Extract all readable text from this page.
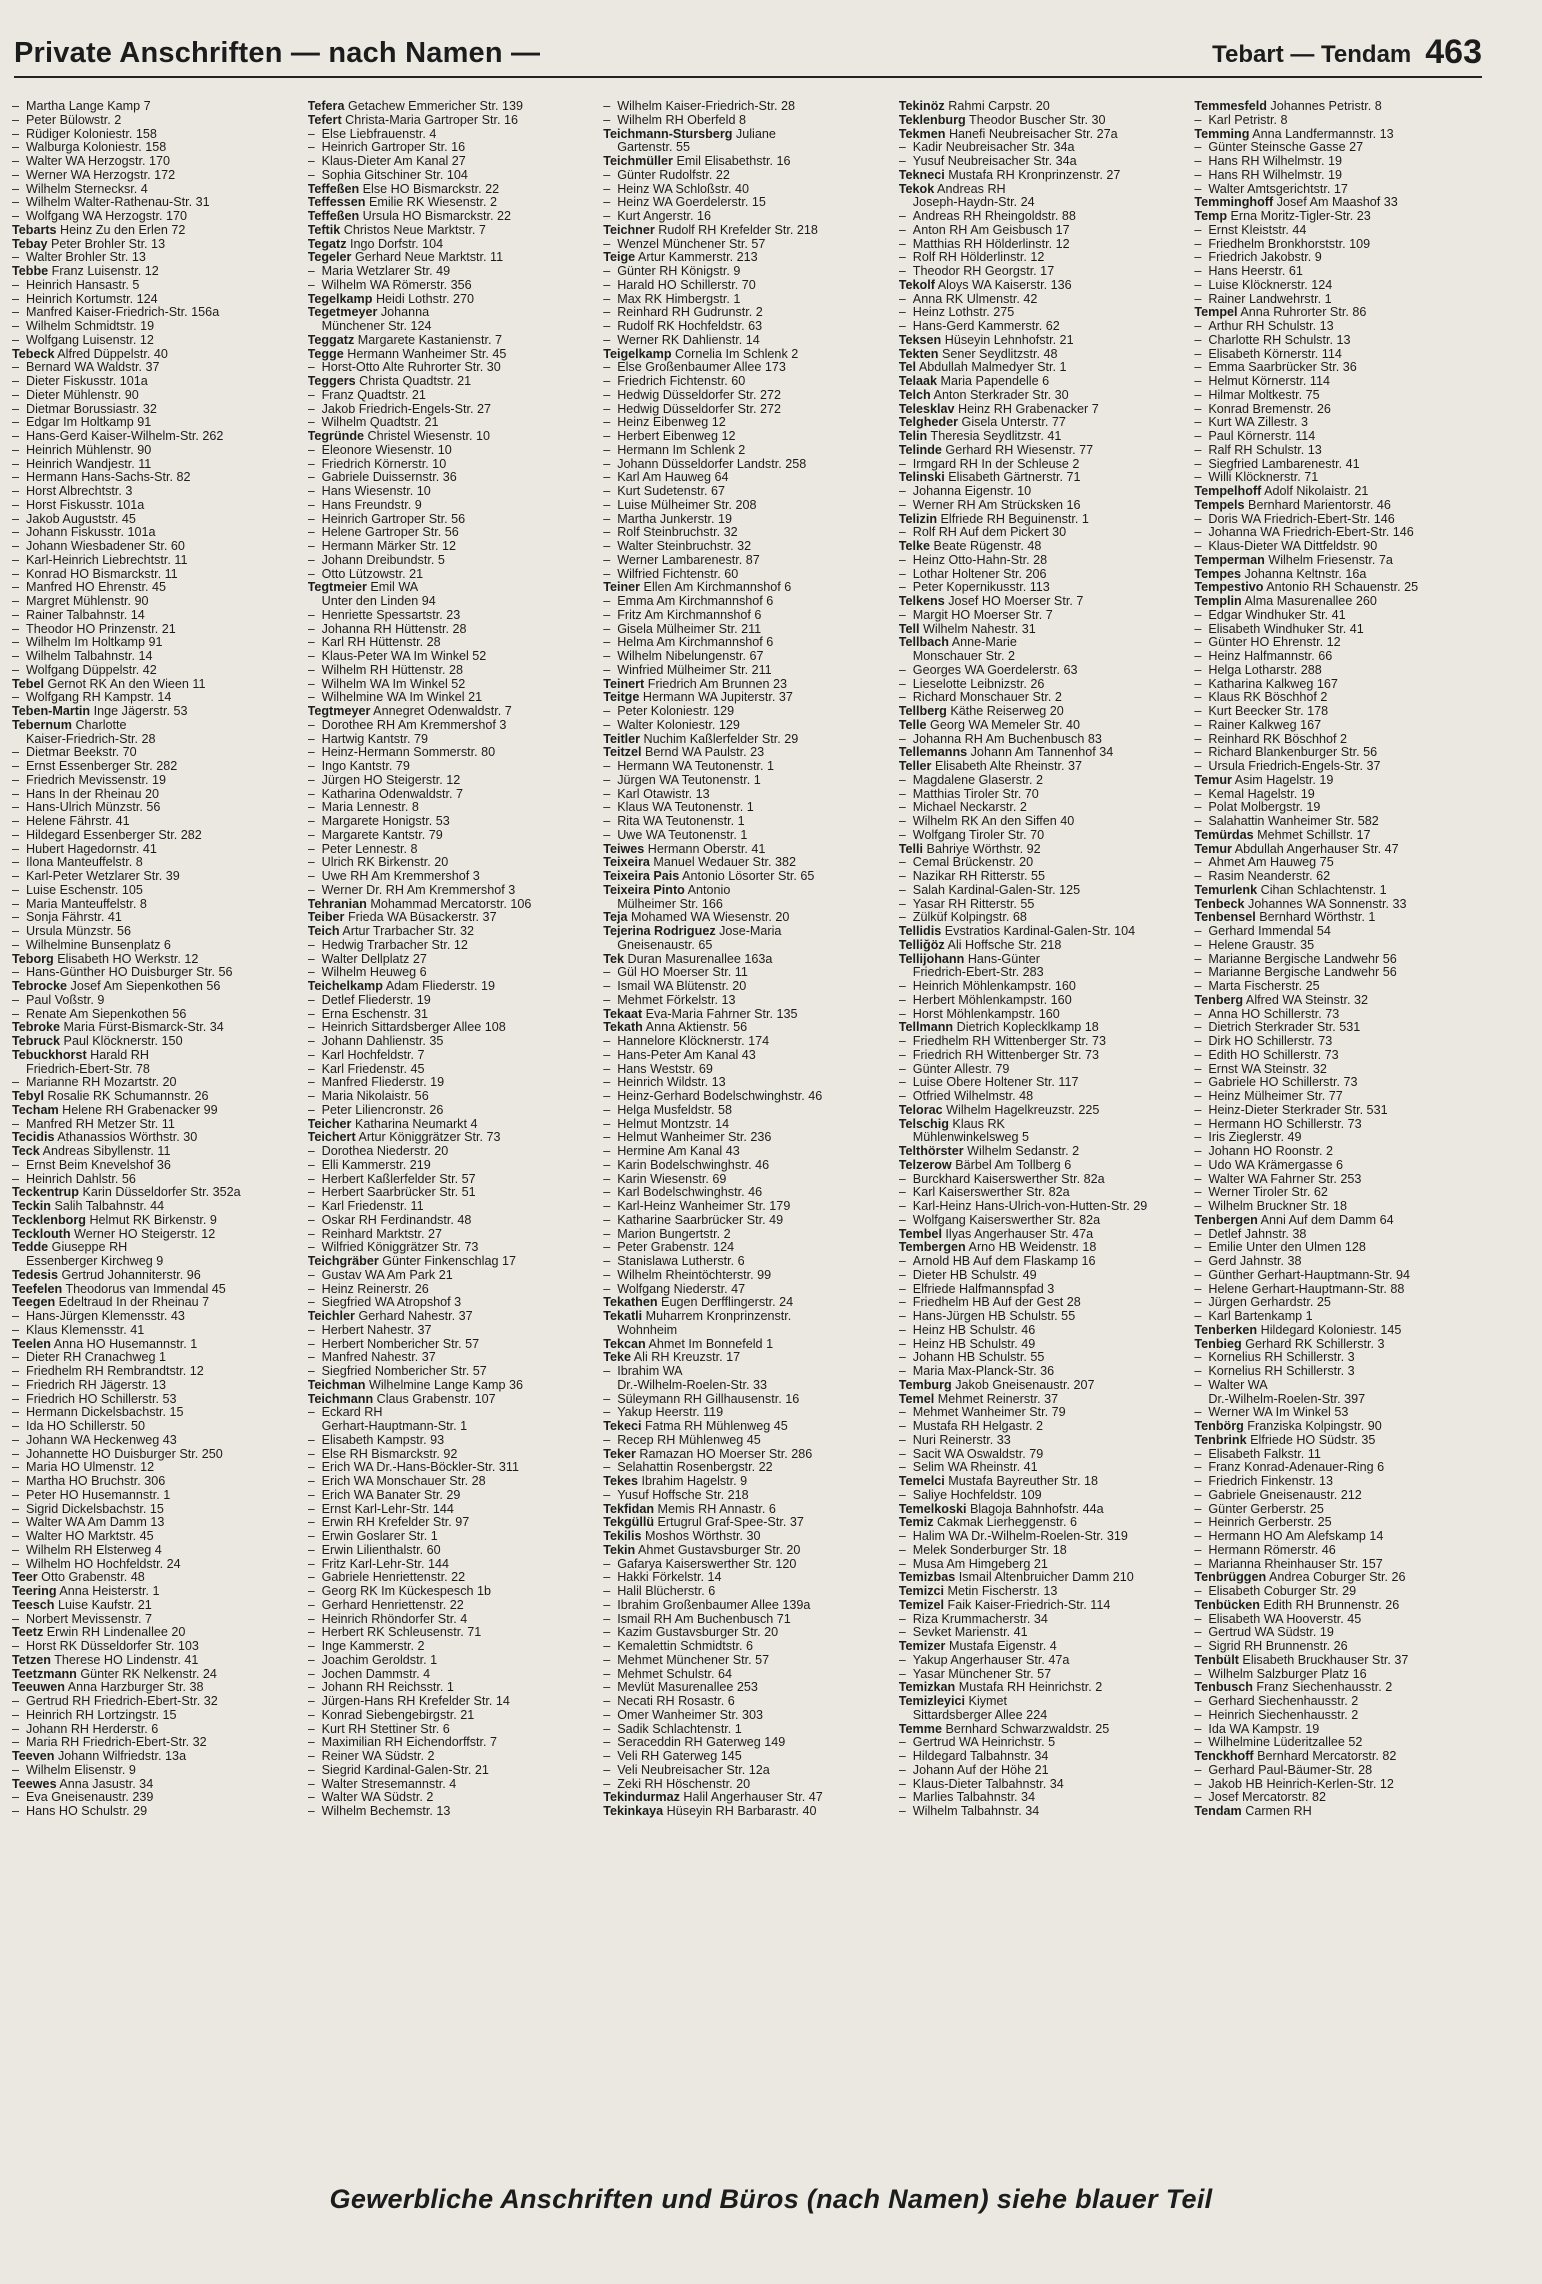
Private Anschriften — nach Namen —	Tebart — Tendam 463
–  Martha Lange Kamp 7
–  Peter Bülowstr. 2
–  Rüdiger Koloniestr. 158
–  Walburga Koloniestr. 158
–  Walter WA Herzogstr. 170
–  Werner WA Herzogstr. 172
–  Wilhelm Sternecksr. 4
–  Wilhelm Walter-Rathenau-Str. 31
–  Wolfgang WA Herzogstr. 170
Tebarts Heinz Zu den Erlen 72
Tebay Peter Brohler Str. 13
–  Walter Brohler Str. 13
Tebbe Franz Luisenstr. 12
–  Heinrich Hansastr. 5
–  Heinrich Kortumstr. 124
–  Manfred Kaiser-Friedrich-Str. 156a
–  Wilhelm Schmidtstr. 19
–  Wolfgang Luisenstr. 12
Tebeck Alfred Düppelstr. 40
–  Bernard WA Waldstr. 37
–  Dieter Fiskusstr. 101a
–  Dieter Mühlenstr. 90
–  Dietmar Borussiastr. 32
–  Edgar Im Holtkamp 91
–  Hans-Gerd Kaiser-Wilhelm-Str. 262
–  Heinrich Mühlenstr. 90
–  Heinrich Wandjestr. 11
–  Hermann Hans-Sachs-Str. 82
–  Horst Albrechtstr. 3
–  Horst Fiskusstr. 101a
–  Jakob Auguststr. 45
–  Johann Fiskusstr. 101a
–  Johann Wiesbadener Str. 60
–  Karl-Heinrich Liebrechtstr. 11
–  Konrad HO Bismarckstr. 11
–  Manfred HO Ehrenstr. 45
–  Margret Mühlenstr. 90
–  Rainer Talbahnstr. 14
–  Theodor HO Prinzenstr. 21
–  Wilhelm Im Holtkamp 91
–  Wilhelm Talbahnstr. 14
–  Wolfgang Düppelstr. 42
Tebel Gernot RK An den Wieen 11
–  Wolfgang RH Kampstr. 14
Teben-Martin Inge Jägerstr. 53
Tebernum Charlotte
Kaiser-Friedrich-Str. 28
–  Dietmar Beekstr. 70
–  Ernst Essenberger Str. 282
–  Friedrich Mevissenstr. 19
–  Hans In der Rheinau 20
–  Hans-Ulrich Münzstr. 56
–  Helene Fährstr. 41
–  Hildegard Essenberger Str. 282
–  Hubert Hagedornstr. 41
–  Ilona Manteuffelstr. 8
–  Karl-Peter Wetzlarer Str. 39
–  Luise Eschenstr. 105
–  Maria Manteuffelstr. 8
–  Sonja Fährstr. 41
–  Ursula Münzstr. 56
–  Wilhelmine Bunsenplatz 6
Teborg Elisabeth HO Werkstr. 12
–  Hans-Günther HO Duisburger Str. 56
Tebrocke Josef Am Siepenkothen 56
–  Paul Voßstr. 9
–  Renate Am Siepenkothen 56
Tebroke Maria Fürst-Bismarck-Str. 34
Tebruck Paul Klöcknerstr. 150
Tebuckhorst Harald RH
Friedrich-Ebert-Str. 78
–  Marianne RH Mozartstr. 20
Tebyl Rosalie RK Schumannstr. 26
Techam Helene RH Grabenacker 99
–  Manfred RH Metzer Str. 11
Tecidis Athanassios Wörthstr. 30
Teck Andreas Sibyllenstr. 11
–  Ernst Beim Knevelshof 36
–  Heinrich Dahlstr. 56
Teckentrup Karin Düsseldorfer Str. 352a
Teckin Salih Talbahnstr. 44
Tecklenborg Helmut RK Birkenstr. 9
Tecklouth Werner HO Steigerstr. 12
Tedde Giuseppe RH
Essenberger Kirchweg 9
Tedesis Gertrud Johanniterstr. 96
Teefelen Theodorus van Immendal 45
Teegen Edeltraud In der Rheinau 7
–  Hans-Jürgen Klemensstr. 43
–  Klaus Klemensstr. 41
Teelen Anna HO Husemannstr. 1
–  Dieter RH Cranachweg 1
–  Friedhelm RH Rembrandtstr. 12
–  Friedrich RH Jägerstr. 13
–  Friedrich HO Schillerstr. 53
–  Hermann Dickelsbachstr. 15
–  Ida HO Schillerstr. 50
–  Johann WA Heckenweg 43
–  Johannette HO Duisburger Str. 250
–  Maria HO Ulmenstr. 12
–  Martha HO Bruchstr. 306
–  Peter HO Husemannstr. 1
–  Sigrid Dickelsbachstr. 15
–  Walter WA Am Damm 13
–  Walter HO Marktstr. 45
–  Wilhelm RH Elsterweg 4
–  Wilhelm HO Hochfeldstr. 24
Teer Otto Grabenstr. 48
Teering Anna Heisterstr. 1
Teesch Luise Kaufstr. 21
–  Norbert Mevissenstr. 7
Teetz Erwin RH Lindenallee 20
–  Horst RK Düsseldorfer Str. 103
Tetzen Therese HO Lindenstr. 41
Teetzmann Günter RK Nelkenstr. 24
Teeuwen Anna Harzburger Str. 38
–  Gertrud RH Friedrich-Ebert-Str. 32
–  Heinrich RH Lortzingstr. 15
–  Johann RH Herderstr. 6
–  Maria RH Friedrich-Ebert-Str. 32
Teeven Johann Wilfriedstr. 13a
–  Wilhelm Elisenstr. 9
Teewes Anna Jasustr. 34
–  Eva Gneisenaustr. 239
–  Hans HO Schulstr. 29
Tefera Getachew Emmericher Str. 139
Tefert Christa-Maria Gartroper Str. 16
–  Else Liebfrauenstr. 4
–  Heinrich Gartroper Str. 16
–  Klaus-Dieter Am Kanal 27
–  Sophia Gitschiner Str. 104
Teffeßen Else HO Bismarckstr. 22
Teffessen Emilie RK Wiesenstr. 2
Teffeßen Ursula HO Bismarckstr. 22
Teftik Christos Neue Marktstr. 7
Tegatz Ingo Dorfstr. 104
Tegeler Gerhard Neue Marktstr. 11
–  Maria Wetzlarer Str. 49
–  Wilhelm WA Römerstr. 356
Tegelkamp Heidi Lothstr. 270
Tegetmeyer Johanna
Münchener Str. 124
Teggatz Margarete Kastanienstr. 7
Tegge Hermann Wanheimer Str. 45
–  Horst-Otto Alte Ruhrorter Str. 30
Teggers Christa Quadtstr. 21
–  Franz Quadtstr. 21
–  Jakob Friedrich-Engels-Str. 27
–  Wilhelm Quadtstr. 21
Tegründe Christel Wiesenstr. 10
–  Eleonore Wiesenstr. 10
–  Friedrich Körnerstr. 10
–  Gabriele Duissernstr. 36
–  Hans Wiesenstr. 10
–  Hans Freundstr. 9
–  Heinrich Gartroper Str. 56
–  Helene Gartroper Str. 56
–  Hermann Märker Str. 12
–  Johann Dreibundstr. 5
–  Otto Lützowstr. 21
Tegtmeier Emil WA
Unter den Linden 94
–  Henriette Spessartstr. 23
–  Johanna RH Hüttenstr. 28
–  Karl RH Hüttenstr. 28
–  Klaus-Peter WA Im Winkel 52
–  Wilhelm RH Hüttenstr. 28
–  Wilhelm WA Im Winkel 52
–  Wilhelmine WA Im Winkel 21
Tegtmeyer Annegret Odenwaldstr. 7
–  Dorothee RH Am Kremmershof 3
–  Hartwig Kantstr. 79
–  Heinz-Hermann Sommerstr. 80
–  Ingo Kantstr. 79
–  Jürgen HO Steigerstr. 12
–  Katharina Odenwaldstr. 7
–  Maria Lennestr. 8
–  Margarete Honigstr. 53
–  Margarete Kantstr. 79
–  Peter Lennestr. 8
–  Ulrich RK Birkenstr. 20
–  Uwe RH Am Kremmershof 3
–  Werner Dr. RH Am Kremmershof 3
Tehranian Mohammad Mercatorstr. 106
Teiber Frieda WA Büsackerstr. 37
Teich Artur Trarbacher Str. 32
–  Hedwig Trarbacher Str. 12
–  Walter Dellplatz 27
–  Wilhelm Heuweg 6
Teichelkamp Adam Fliederstr. 19
–  Detlef Fliederstr. 19
–  Erna Eschenstr. 31
–  Heinrich Sittardsberger Allee 108
–  Johann Dahlienstr. 35
–  Karl Hochfeldstr. 7
–  Karl Friedenstr. 45
–  Manfred Fliederstr. 19
–  Maria Nikolaistr. 56
–  Peter Liliencronstr. 26
Teicher Katharina Neumarkt 4
Teichert Artur Königgrätzer Str. 73
–  Dorothea Niederstr. 20
–  Elli Kammerstr. 219
–  Herbert Kaßlerfelder Str. 57
–  Herbert Saarbrücker Str. 51
–  Karl Friedenstr. 11
–  Oskar RH Ferdinandstr. 48
–  Reinhard Marktstr. 27
–  Wilfried Königgrätzer Str. 73
Teichgräber Günter Finkenschlag 17
–  Gustav WA Am Park 21
–  Heinz Reinerstr. 26
–  Siegfried WA Atropshof 3
Teichler Gerhard Nahestr. 37
–  Herbert Nahestr. 37
–  Herbert Nombericher Str. 57
–  Manfred Nahestr. 37
–  Siegfried Nombericher Str. 57
Teichman Wilhelmine Lange Kamp 36
Teichmann Claus Grabenstr. 107
–  Eckard RH
Gerhart-Hauptmann-Str. 1
–  Elisabeth Kampstr. 93
–  Else RH Bismarckstr. 92
–  Erich WA Dr.-Hans-Böckler-Str. 311
–  Erich WA Monschauer Str. 28
–  Erich WA Banater Str. 29
–  Ernst Karl-Lehr-Str. 144
–  Erwin RH Krefelder Str. 97
–  Erwin Goslarer Str. 1
–  Erwin Lilienthalstr. 60
–  Fritz Karl-Lehr-Str. 144
–  Gabriele Henriettenstr. 22
–  Georg RK Im Kückespesch 1b
–  Gerhard Henriettenstr. 22
–  Heinrich Rhöndorfer Str. 4
–  Herbert RK Schleusenstr. 71
–  Inge Kammerstr. 2
–  Joachim Geroldstr. 1
–  Jochen Dammstr. 4
–  Johann RH Reichsstr. 1
–  Jürgen-Hans RH Krefelder Str. 14
–  Konrad Siebengebirgstr. 21
–  Kurt RH Stettiner Str. 6
–  Maximilian RH Eichendorffstr. 7
–  Reiner WA Südstr. 2
–  Siegrid Kardinal-Galen-Str. 21
–  Walter Stresemannstr. 4
–  Walter WA Südstr. 2
–  Wilhelm Bechemstr. 13
–  Wilhelm Kaiser-Friedrich-Str. 28
–  Wilhelm RH Oberfeld 8
Teichmann-Stursberg Juliane
Gartenstr. 55
Teichmüller Emil Elisabethstr. 16
–  Günter Rudolfstr. 22
–  Heinz WA Schloßstr. 40
–  Heinz WA Goerdelerstr. 15
–  Kurt Angerstr. 16
Teichner Rudolf RH Krefelder Str. 218
–  Wenzel Münchener Str. 57
Teige Artur Kammerstr. 213
–  Günter RH Königstr. 9
–  Harald HO Schillerstr. 70
–  Max RK Himbergstr. 1
–  Reinhard RH Gudrunstr. 2
–  Rudolf RK Hochfeldstr. 63
–  Werner RK Dahlienstr. 14
Teigelkamp Cornelia Im Schlenk 2
–  Else Großenbaumer Allee 173
–  Friedrich Fichtenstr. 60
–  Hedwig Düsseldorfer Str. 272
–  Hedwig Düsseldorfer Str. 272
–  Heinz Eibenweg 12
–  Herbert Eibenweg 12
–  Hermann Im Schlenk 2
–  Johann Düsseldorfer Landstr. 258
–  Karl Am Hauweg 64
–  Kurt Sudetenstr. 67
–  Luise Mülheimer Str. 208
–  Martha Junkerstr. 19
–  Rolf Steinbruchstr. 32
–  Walter Steinbruchstr. 32
–  Werner Lambarenestr. 87
–  Wilfried Fichtenstr. 60
Teiner Ellen Am Kirchmannshof 6
–  Emma Am Kirchmannshof 6
–  Fritz Am Kirchmannshof 6
–  Gisela Mülheimer Str. 211
–  Helma Am Kirchmannshof 6
–  Wilhelm Nibelungenstr. 67
–  Winfried Mülheimer Str. 211
Teinert Friedrich Am Brunnen 23
Teitge Hermann WA Jupiterstr. 37
–  Peter Koloniestr. 129
–  Walter Koloniestr. 129
Teitler Nuchim Kaßlerfelder Str. 29
Teitzel Bernd WA Paulstr. 23
–  Hermann WA Teutonenstr. 1
–  Jürgen WA Teutonenstr. 1
–  Karl Otawistr. 13
–  Klaus WA Teutonenstr. 1
–  Rita WA Teutonenstr. 1
–  Uwe WA Teutonenstr. 1
Teiwes Hermann Oberstr. 41
Teixeira Manuel Wedauer Str. 382
Teixeira Pais Antonio Lösorter Str. 65
Teixeira Pinto Antonio
Mülheimer Str. 166
Teja Mohamed WA Wiesenstr. 20
Tejerina Rodriguez Jose-Maria
Gneisenaustr. 65
Tek Duran Masurenallee 163a
–  Gül HO Moerser Str. 11
–  Ismail WA Blütenstr. 20
–  Mehmet Förkelstr. 13
Tekaat Eva-Maria Fahrner Str. 135
Tekath Anna Aktienstr. 56
–  Hannelore Klöcknerstr. 174
–  Hans-Peter Am Kanal 43
–  Hans Weststr. 69
–  Heinrich Wildstr. 13
–  Heinz-Gerhard Bodelschwinghstr. 46
–  Helga Musfeldstr. 58
–  Helmut Montzstr. 14
–  Helmut Wanheimer Str. 236
–  Hermine Am Kanal 43
–  Karin Bodelschwinghstr. 46
–  Karin Wiesenstr. 69
–  Karl Bodelschwinghstr. 46
–  Karl-Heinz Wanheimer Str. 179
–  Katharine Saarbrücker Str. 49
–  Marion Bungertstr. 2
–  Peter Grabenstr. 124
–  Stanislawa Lutherstr. 6
–  Wilhelm Rheintöchterstr. 99
–  Wolfgang Niederstr. 47
Tekathen Eugen Derfflingerstr. 24
Tekatli Muharrem Kronprinzenstr.
Wohnheim
Tekcan Ahmet Im Bonnefeld 1
Teke Ali RH Kreuzstr. 17
–  Ibrahim WA
Dr.-Wilhelm-Roelen-Str. 33
–  Süleymann RH Gillhausenstr. 16
–  Yakup Heerstr. 119
Tekeci Fatma RH Mühlenweg 45
–  Recep RH Mühlenweg 45
Teker Ramazan HO Moerser Str. 286
–  Selahattin Rosenbergstr. 22
Tekes Ibrahim Hagelstr. 9
–  Yusuf Hoffsche Str. 218
Tekfidan Memis RH Annastr. 6
Tekgüllü Ertugrul Graf-Spee-Str. 37
Tekilis Moshos Wörthstr. 30
Tekin Ahmet Gustavsburger Str. 20
–  Gafarya Kaiserswerther Str. 120
–  Hakki Förkelstr. 14
–  Halil Blücherstr. 6
–  Ibrahim Großenbaumer Allee 139a
–  Ismail RH Am Buchenbusch 71
–  Kazim Gustavsburger Str. 20
–  Kemalettin Schmidtstr. 6
–  Mehmet Münchener Str. 57
–  Mehmet Schulstr. 64
–  Mevlüt Masurenallee 253
–  Necati RH Rosastr. 6
–  Ömer Wanheimer Str. 303
–  Sadik Schlachtenstr. 1
–  Seraceddin RH Gaterweg 149
–  Veli RH Gaterweg 145
–  Veli Neubreisacher Str. 12a
–  Zeki RH Höschenstr. 20
Tekindurmaz Halil Angerhauser Str. 47
Tekinkaya Hüseyin RH Barbarastr. 40
Tekinöz Rahmi Carpstr. 20
Teklenburg Theodor Buscher Str. 30
Tekmen Hanefi Neubreisacher Str. 27a
–  Kadir Neubreisacher Str. 34a
–  Yusuf Neubreisacher Str. 34a
Tekneci Mustafa RH Kronprinzenstr. 27
Tekok Andreas RH
Joseph-Haydn-Str. 24
–  Andreas RH Rheingoldstr. 88
–  Anton RH Am Geisbusch 17
–  Matthias RH Hölderlinstr. 12
–  Rolf RH Hölderlinstr. 12
–  Theodor RH Georgstr. 17
Tekolf Aloys WA Kaiserstr. 136
–  Anna RK Ulmenstr. 42
–  Heinz Lothstr. 275
–  Hans-Gerd Kammerstr. 62
Teksen Hüseyin Lehnhofstr. 21
Tekten Sener Seydlitzstr. 48
Tel Abdullah Malmedyer Str. 1
Telaak Maria Papendelle 6
Telch Anton Sterkrader Str. 30
Telesklav Heinz RH Grabenacker 7
Telgheder Gisela Unterstr. 77
Telin Theresia Seydlitzstr. 41
Telinde Gerhard RH Wiesenstr. 77
–  Irmgard RH In der Schleuse 2
Telinski Elisabeth Gärtnerstr. 71
–  Johanna Eigenstr. 10
–  Werner RH Am Strücksken 16
Telizin Elfriede RH Beguinenstr. 1
–  Rolf RH Auf dem Pickert 30
Telke Beate Rügenstr. 48
–  Heinz Otto-Hahn-Str. 28
–  Lothar Holtener Str. 206
–  Peter Kopernikusstr. 113
Telkens Josef HO Moerser Str. 7
–  Margit HO Moerser Str. 7
Tell Wilhelm Nahestr. 31
Tellbach Anne-Marie
Monschauer Str. 2
–  Georges WA Goerdelerstr. 63
–  Lieselotte Leibnizstr. 26
–  Richard Monschauer Str. 2
Tellberg Käthe Reiserweg 20
Telle Georg WA Memeler Str. 40
–  Johanna RH Am Buchenbusch 83
Tellemanns Johann Am Tannenhof 34
Teller Elisabeth Alte Rheinstr. 37
–  Magdalene Glaserstr. 2
–  Matthias Tiroler Str. 70
–  Michael Neckarstr. 2
–  Wilhelm RK An den Siffen 40
–  Wolfgang Tiroler Str. 70
Telli Bahriye Wörthstr. 92
–  Cemal Brückenstr. 20
–  Nazikar RH Ritterstr. 55
–  Salah Kardinal-Galen-Str. 125
–  Yasar RH Ritterstr. 55
–  Zülküf Kolpingstr. 68
Tellidis Evstratios Kardinal-Galen-Str. 104
Telliğöz Ali Hoffsche Str. 218
Tellijohann Hans-Günter
Friedrich-Ebert-Str. 283
–  Heinrich Möhlenkampstr. 160
–  Herbert Möhlenkampstr. 160
–  Horst Möhlenkampstr. 160
Tellmann Dietrich Koplecklkamp 18
–  Friedhelm RH Wittenberger Str. 73
–  Friedrich RH Wittenberger Str. 73
–  Günter Allestr. 79
–  Luise Obere Holtener Str. 117
–  Otfried Wilhelmstr. 48
Telorac Wilhelm Hagelkreuzstr. 225
Telschig Klaus RK
Mühlenwinkelsweg 5
Telthörster Wilhelm Sedanstr. 2
Telzerow Bärbel Am Tollberg 6
–  Burckhard Kaiserswerther Str. 82a
–  Karl Kaiserswerther Str. 82a
–  Karl-Heinz Hans-Ulrich-von-Hutten-Str. 29
–  Wolfgang Kaiserswerther Str. 82a
Tembel Ilyas Angerhauser Str. 47a
Tembergen Arno HB Weidenstr. 18
–  Arnold HB Auf dem Flaskamp 16
–  Dieter HB Schulstr. 49
–  Elfriede Halfmannspfad 3
–  Friedhelm HB Auf der Gest 28
–  Hans-Jürgen HB Schulstr. 55
–  Heinz HB Schulstr. 46
–  Heinz HB Schulstr. 49
–  Johann HB Schulstr. 55
–  Maria Max-Planck-Str. 36
Temburg Jakob Gneisenaustr. 207
Temel Mehmet Reinerstr. 37
–  Mehmet Wanheimer Str. 79
–  Mustafa RH Helgastr. 2
–  Nuri Reinerstr. 33
–  Sacit WA Oswaldstr. 79
–  Selim WA Rheinstr. 41
Temelci Mustafa Bayreuther Str. 18
–  Saliye Hochfeldstr. 109
Temelkoski Blagoja Bahnhofstr. 44a
Temiz Cakmak Lierheggenstr. 6
–  Halim WA Dr.-Wilhelm-Roelen-Str. 319
–  Melek Sonderburger Str. 18
–  Musa Am Himgeberg 21
Temizbas Ismail Altenbruicher Damm 210
Temizci Metin Fischerstr. 13
Temizel Faik Kaiser-Friedrich-Str. 114
–  Riza Krummacherstr. 34
–  Sevket Marienstr. 41
Temizer Mustafa Eigenstr. 4
–  Yakup Angerhauser Str. 47a
–  Yasar Münchener Str. 57
Temizkan Mustafa RH Heinrichstr. 2
Temizleyici Kiymet
Sittardsberger Allee 224
Temme Bernhard Schwarzwaldstr. 25
–  Gertrud WA Heinrichstr. 5
–  Hildegard Talbahnstr. 34
–  Johann Auf der Höhe 21
–  Klaus-Dieter Talbahnstr. 34
–  Marlies Talbahnstr. 34
–  Wilhelm Talbahnstr. 34
Temmesfeld Johannes Petristr. 8
–  Karl Petristr. 8
Temming Anna Landfermannstr. 13
–  Günter Steinsche Gasse 27
–  Hans RH Wilhelmstr. 19
–  Hans RH Wilhelmstr. 19
–  Walter Amtsgerichtstr. 17
Temminghoff Josef Am Maashof 33
Temp Erna Moritz-Tigler-Str. 23
–  Ernst Kleiststr. 44
–  Friedhelm Bronkhorststr. 109
–  Friedrich Jakobstr. 9
–  Hans Heerstr. 61
–  Luise Klöcknerstr. 124
–  Rainer Landwehrstr. 1
Tempel Anna Ruhrorter Str. 86
–  Arthur RH Schulstr. 13
–  Charlotte RH Schulstr. 13
–  Elisabeth Körnerstr. 114
–  Emma Saarbrücker Str. 36
–  Helmut Körnerstr. 114
–  Hilmar Moltkestr. 75
–  Konrad Bremenstr. 26
–  Kurt WA Zillestr. 3
–  Paul Körnerstr. 114
–  Ralf RH Schulstr. 13
–  Siegfried Lambarenestr. 41
–  Willi Klöcknerstr. 71
Tempelhoff Adolf Nikolaistr. 21
Tempels Bernhard Marientorstr. 46
–  Doris WA Friedrich-Ebert-Str. 146
–  Johanna WA Friedrich-Ebert-Str. 146
–  Klaus-Dieter WA Dittfeldstr. 90
Temperman Wilhelm Friesenstr. 7a
Tempes Johanna Keltnstr. 16a
Tempestivo Antonio RH Schauenstr. 25
Templin Alma Masurenallee 260
–  Edgar Windhuker Str. 41
–  Elisabeth Windhuker Str. 41
–  Günter HO Ehrenstr. 12
–  Heinz Halfmannstr. 66
–  Helga Lotharstr. 288
–  Katharina Kalkweg 167
–  Klaus RK Böschhof 2
–  Kurt Beecker Str. 178
–  Rainer Kalkweg 167
–  Reinhard RK Böschhof 2
–  Richard Blankenburger Str. 56
–  Ursula Friedrich-Engels-Str. 37
Temur Asim Hagelstr. 19
–  Kemal Hagelstr. 19
–  Polat Molbergstr. 19
–  Salahattin Wanheimer Str. 582
Temürdas Mehmet Schillstr. 17
Temur Abdullah Angerhauser Str. 47
–  Ahmet Am Hauweg 75
–  Rasim Neanderstr. 62
Temurlenk Cihan Schlachtenstr. 1
Tenbeck Johannes WA Sonnenstr. 33
Tenbensel Bernhard Wörthstr. 1
–  Gerhard Immendal 54
–  Helene Graustr. 35
–  Marianne Bergische Landwehr 56
–  Marianne Bergische Landwehr 56
–  Marta Fischerstr. 25
Tenberg Alfred WA Steinstr. 32
–  Anna HO Schillerstr. 73
–  Dietrich Sterkrader Str. 531
–  Dirk HO Schillerstr. 73
–  Edith HO Schillerstr. 73
–  Ernst WA Steinstr. 32
–  Gabriele HO Schillerstr. 73
–  Heinz Mülheimer Str. 77
–  Heinz-Dieter Sterkrader Str. 531
–  Hermann HO Schillerstr. 73
–  Iris Zieglerstr. 49
–  Johann HO Roonstr. 2
–  Udo WA Krämergasse 6
–  Walter WA Fahrner Str. 253
–  Werner Tiroler Str. 62
–  Wilhelm Bruckner Str. 18
Tenbergen Anni Auf dem Damm 64
–  Detlef Jahnstr. 38
–  Emilie Unter den Ulmen 128
–  Gerd Jahnstr. 38
–  Günther Gerhart-Hauptmann-Str. 94
–  Helene Gerhart-Hauptmann-Str. 88
–  Jürgen Gerhardstr. 25
–  Karl Bartenkamp 1
Tenberken Hildegard Koloniestr. 145
Tenbieg Gerhard RK Schillerstr. 3
–  Kornelius RH Schillerstr. 3
–  Kornelius RH Schillerstr. 3
–  Walter WA
Dr.-Wilhelm-Roelen-Str. 397
–  Werner WA Im Winkel 53
Tenbörg Franziska Kolpingstr. 90
Tenbrink Elfriede HO Südstr. 35
–  Elisabeth Falkstr. 11
–  Franz Konrad-Adenauer-Ring 6
–  Friedrich Finkenstr. 13
–  Gabriele Gneisenaustr. 212
–  Günter Gerberstr. 25
–  Heinrich Gerberstr. 25
–  Hermann HO Am Alefskamp 14
–  Hermann Römerstr. 46
–  Marianna Rheinhauser Str. 157
Tenbrüggen Andrea Coburger Str. 26
–  Elisabeth Coburger Str. 29
Tenbücken Edith RH Brunnenstr. 26
–  Elisabeth WA Hooverstr. 45
–  Gertrud WA Südstr. 19
–  Sigrid RH Brunnenstr. 26
Tenbült Elisabeth Bruckhauser Str. 37
–  Wilhelm Salzburger Platz 16
Tenbusch Franz Siechenhausstr. 2
–  Gerhard Siechenhausstr. 2
–  Heinrich Siechenhausstr. 2
–  Ida WA Kampstr. 19
–  Wilhelmine Lüderitzallee 52
Tenckhoff Bernhard Mercatorstr. 82
–  Gerhard Paul-Bäumer-Str. 28
–  Jakob HB Heinrich-Kerlen-Str. 12
–  Josef Mercatorstr. 82
Tendam Carmen RH
Gewerbliche Anschriften und Büros (nach Namen) siehe blauer Teil
